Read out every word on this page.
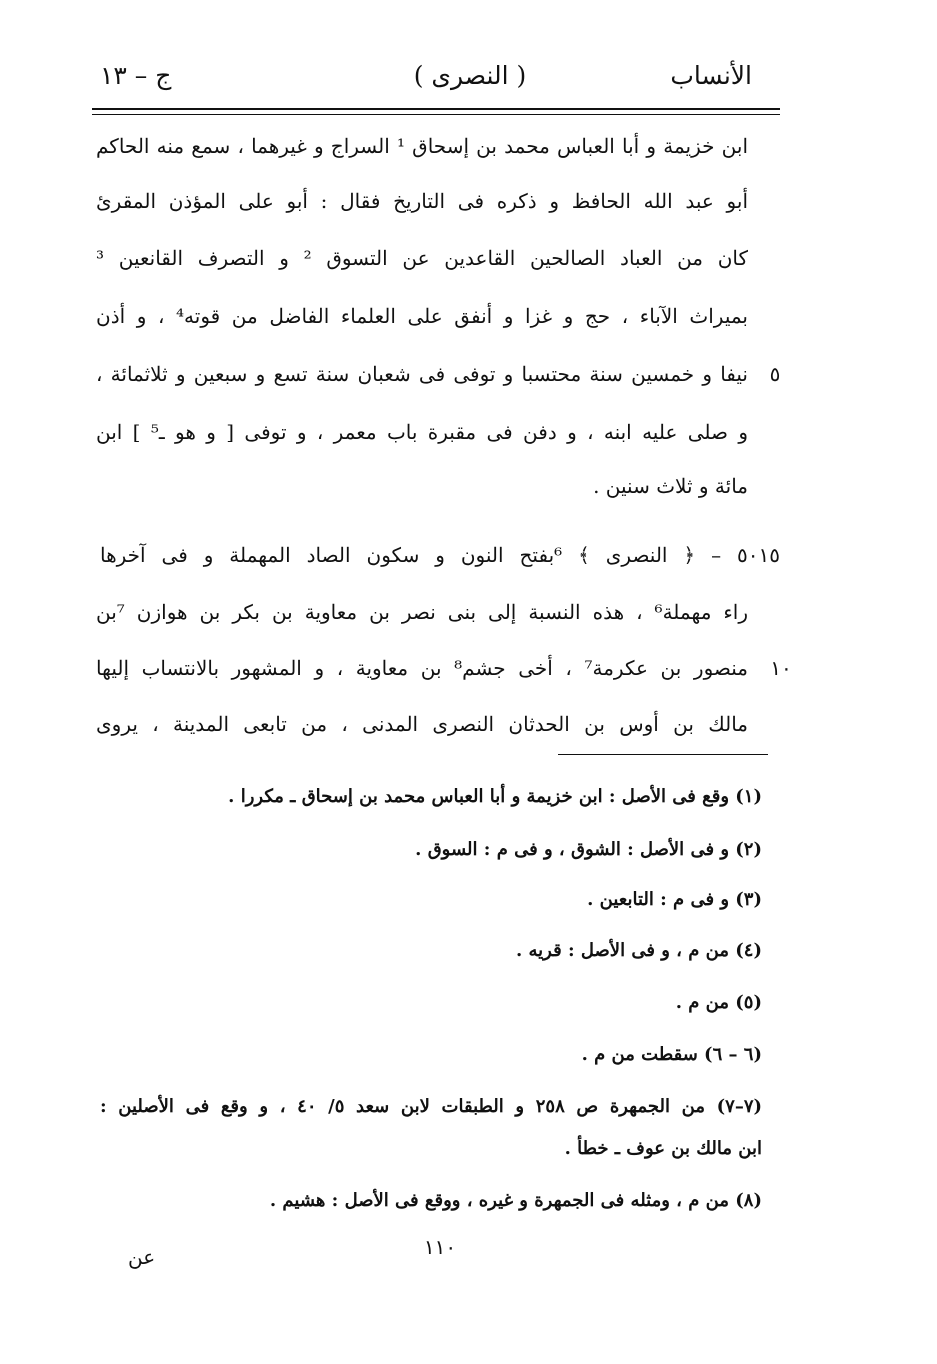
ج – ١٣	( النصرى )	الأنساب
ابن خزيمة و أبا العباس محمد بن إسحاق ¹ السراج و غيرهما ، سمع منه الحاكم
أبو عبد الله الحافظ و ذكره فى التاريخ فقال : أبو على المؤذن المقرئ
كان من العباد الصالحين القاعدين عن التسوق ² و التصرف القانعين ³
بميراث الآباء ، حج و غزا و أنفق على العلماء الفاضل من قوته⁴ ، و أذن
نيفا و خمسين سنة محتسبا و توفى فى شعبان سنة تسع و سبعين و ثلاثمائة ،	٥
و صلى عليه ابنه ، و دفن فى مقبرة باب معمر ، و توفى [ و هو ـ⁵ ] ابن
مائة و ثلاث سنين .
٥٠١٥ – ﴿ النصرى ﴾ ⁶بفتح النون و سكون الصاد المهملة و فى آخرها
راء مهملة⁶ ، هذه النسبة إلى بنى نصر بن معاوية بن بكر بن هوازن ⁷بن
منصور بن عكرمة⁷ ، أخى جشم⁸ بن معاوية ، و المشهور بالانتساب إليها ١٠
مالك بن أوس بن الحدثان النصرى المدنى ، من تابعى المدينة ، يروى
(١) وقع فى الأصل : ابن خزيمة و أبا العباس محمد بن إسحاق ـ مكررا .
(٢) و فى الأصل : الشوق ، و فى م : السوق .
(٣) و فى م : التابعين .
(٤) من م ، و فى الأصل : قريه .
(٥) من م .
(٦ – ٦) سقطت من م .
(٧–٧) من الجمهرة ص ٢٥٨ و الطبقات لابن سعد ٥/ ٤٠ ، و وقع فى الأصلين :
ابن مالك بن عوف ـ خطأ .
(٨) من م ، ومثله فى الجمهرة و غيره ، ووقع فى الأصل : هشيم .
١١٠
عن
